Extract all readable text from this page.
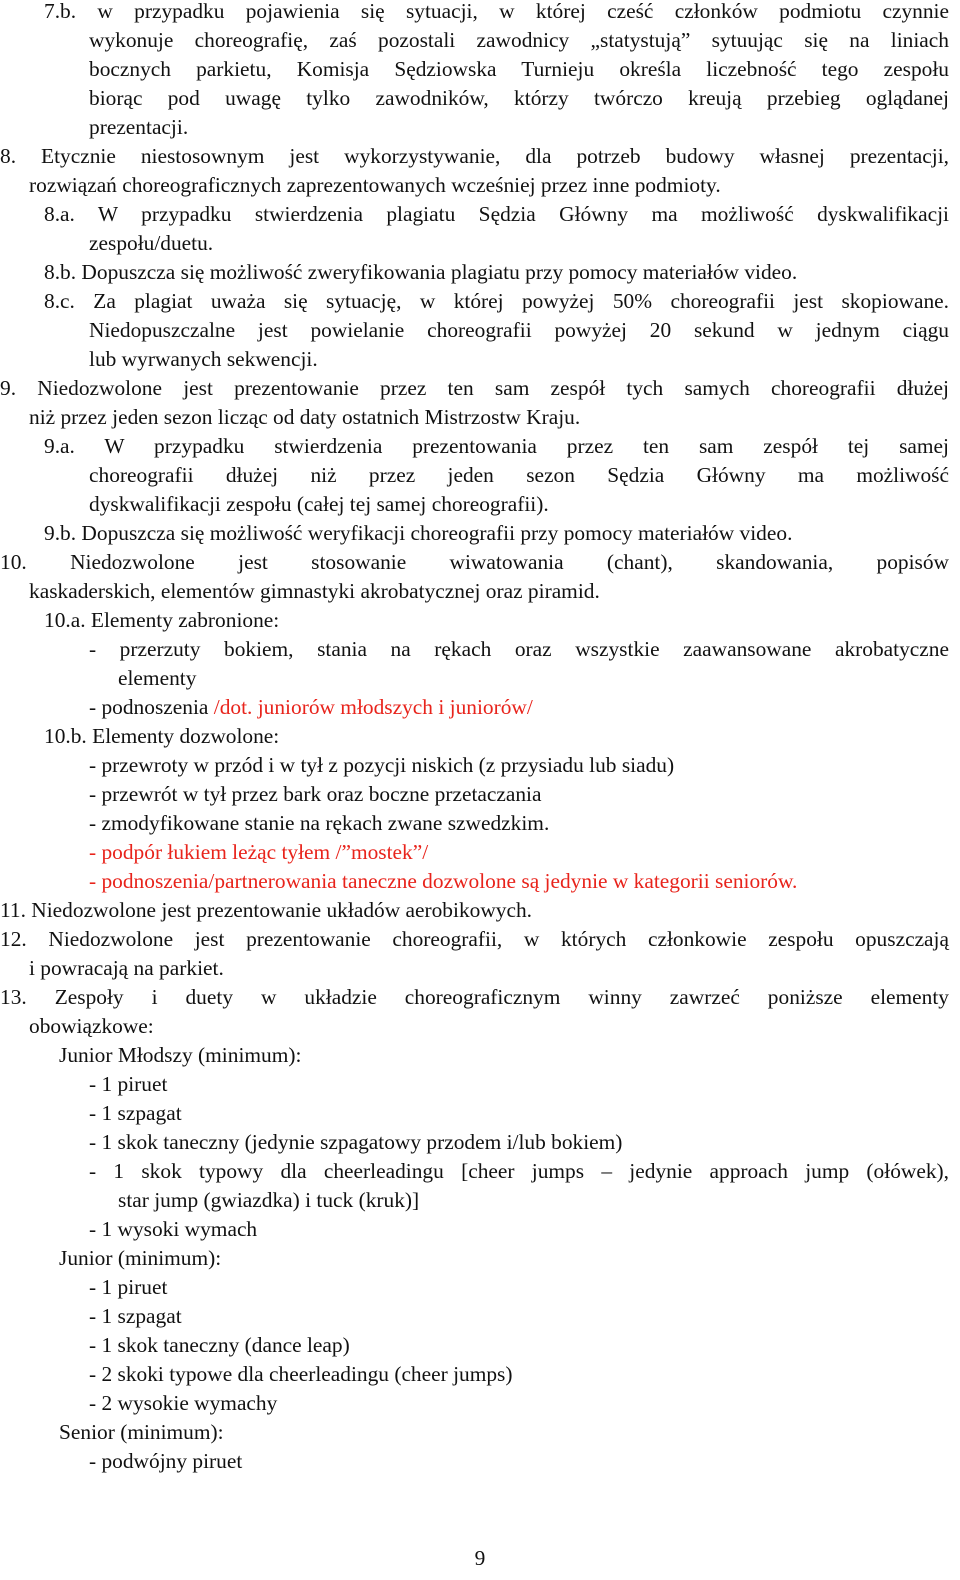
7.b. w przypadku pojawienia się sytuacji, w której cześć członków podmiotu czynnie
wykonuje choreografię, zaś pozostali zawodnicy „statystują” sytuując się na liniach
bocznych parkietu, Komisja Sędziowska Turnieju określa liczebność tego zespołu
biorąc pod uwagę tylko zawodników, którzy twórczo kreują przebieg oglądanej
prezentacji.
8. Etycznie niestosownym jest wykorzystywanie, dla potrzeb budowy własnej prezentacji,
rozwiązań choreograficznych zaprezentowanych wcześniej przez inne podmioty.
8.a. W przypadku stwierdzenia plagiatu Sędzia Główny ma możliwość dyskwalifikacji
zespołu/duetu.
8.b. Dopuszcza się możliwość zweryfikowania plagiatu przy pomocy materiałów video.
8.c. Za plagiat uważa się sytuację, w której powyżej 50% choreografii jest skopiowane.
Niedopuszczalne jest powielanie choreografii powyżej 20 sekund w jednym ciągu
lub wyrwanych sekwencji.
9. Niedozwolone jest prezentowanie przez ten sam zespół tych samych choreografii dłużej
niż przez jeden sezon licząc od daty ostatnich Mistrzostw Kraju.
9.a. W przypadku stwierdzenia prezentowania przez ten sam zespół tej samej
choreografii dłużej niż przez jeden sezon Sędzia Główny ma możliwość
dyskwalifikacji zespołu (całej tej samej choreografii).
9.b. Dopuszcza się możliwość weryfikacji choreografii przy pomocy materiałów video.
10. Niedozwolone jest stosowanie wiwatowania (chant), skandowania, popisów
kaskaderskich, elementów gimnastyki akrobatycznej oraz piramid.
10.a. Elementy zabronione:
- przerzuty bokiem, stania na rękach oraz wszystkie zaawansowane akrobatyczne
elementy
- podnoszenia /dot. juniorów młodszych i juniorów/
10.b. Elementy dozwolone:
- przewroty w przód i w tył z pozycji niskich (z przysiadu lub siadu)
- przewrót w tył przez bark oraz boczne przetaczania
- zmodyfikowane stanie na rękach zwane szwedzkim.
- podpór łukiem leżąc tyłem /”mostek”/
- podnoszenia/partnerowania taneczne dozwolone są jedynie w kategorii seniorów.
11. Niedozwolone jest prezentowanie układów aerobikowych.
12. Niedozwolone jest prezentowanie choreografii, w których członkowie zespołu opuszczają
i powracają na parkiet.
13. Zespoły i duety w układzie choreograficznym winny zawrzeć poniższe elementy
obowiązkowe:
Junior Młodszy (minimum):
- 1 piruet
- 1 szpagat
- 1 skok taneczny (jedynie szpagatowy przodem i/lub bokiem)
- 1 skok typowy dla cheerleadingu [cheer jumps – jedynie approach jump (ołówek),
star jump (gwiazdka) i tuck (kruk)]
- 1 wysoki wymach
Junior (minimum):
- 1 piruet
- 1 szpagat
- 1 skok taneczny (dance leap)
- 2 skoki typowe dla cheerleadingu (cheer jumps)
- 2 wysokie wymachy
Senior (minimum):
- podwójny piruet
9
